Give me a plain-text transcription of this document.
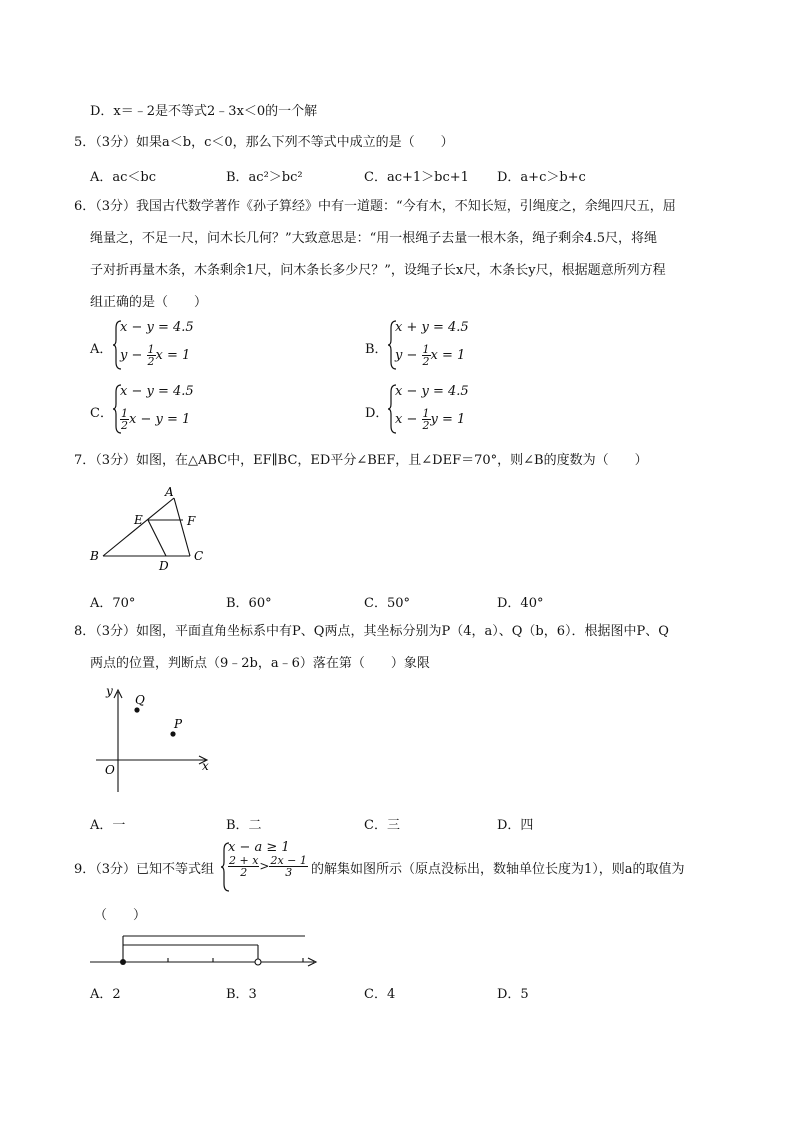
D．x＝﹣2是不等式2﹣3x＜0的一个解
5．（3分）如果a＜b，c＜0，那么下列不等式中成立的是（　　）
A．ac＜bc	B．ac²＞bc²	C．ac+1＞bc+1 D．a+c＞b+c
6．（3分）我国古代数学著作《孙子算经》中有一道题：“今有木，不知长短，引绳度之，余绳四尺五，屈
绳量之，不足一尺，问木长几何？”大致意思是：“用一根绳子去量一根木条，绳子剩余4.5尺，将绳
子对折再量木条，木条剩余1尺，问木条长多少尺？”，设绳子长x尺，木条长y尺，根据题意所列方程
组正确的是（　　）
A．
x − y = 4.5
$y - \frac{1}{2}$ x = 1	B．
x + y = 4.5
$y - \frac{1}{2}$ x = 1
C．
x − y = 4.5
$\frac{1}{2}$ x − y = 1	D．
x − y = 4.5
$x - \frac{1}{2}$ y = 1
7．（3分）如图，在△ABC中，EF∥BC，ED平分∠BEF，且∠DEF＝70°，则∠B的度数为（　　）
A
B	C
D
E	F
A．70°	B．60°	C．50°	D．40°
8．（3分）如图，平面直角坐标系中有P、Q两点，其坐标分别为P（4，a）、Q（b，6）．根据图中P、Q
两点的位置，判断点（9﹣2b，a﹣6）落在第（　　）象限
y
x
O
Q
P
A．一	B．二	C．三	D．四
9．（3分）已知不等式组
x − a ≥ 1
$\frac{2 + x}{2} > \frac{2x - 1}{3}$ 的解集如图所示（原点没标出，数轴单位长度为1），则a的取值为
（　　）
A．2	B．3	C．4	D．5
